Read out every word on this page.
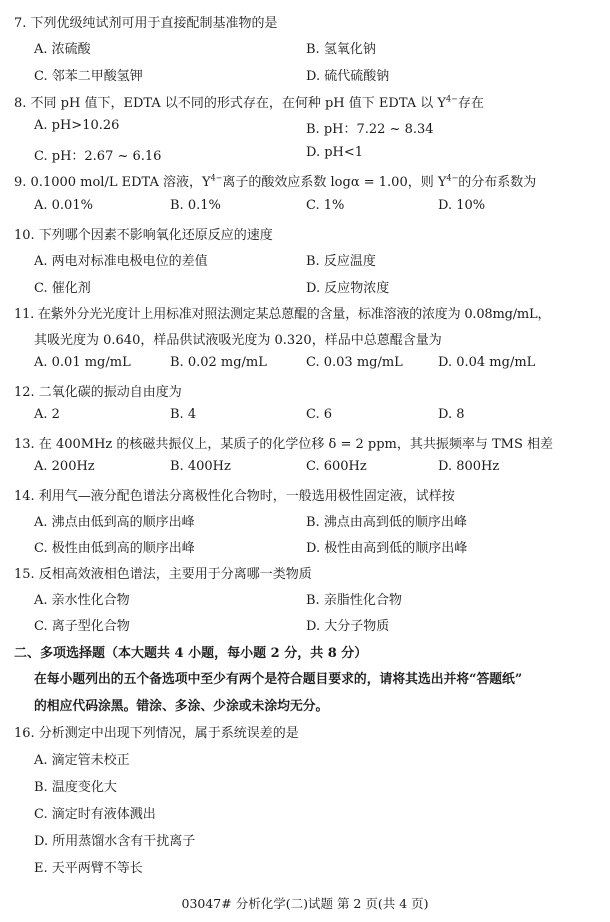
7. 下列优级纯试剂可用于直接配制基准物的是
A. 浓硫酸	B. 氢氧化钠
C. 邻苯二甲酸氢钾	D. 硫代硫酸钠
8. 不同 pH 值下，EDTA 以不同的形式存在，在何种 pH 值下 EDTA 以 $Y^{4-}$存在
A. pH>10.26	B. pH：7.22 ~ 8.34
C. pH：2.67 ~ 6.16	D. pH<1
9. 0.1000 mol/L EDTA 溶液，$Y^{4-}$离子的酸效应系数 logα = 1.00，则 $Y^{4-}$的分布系数为
A. 0.01%	B. 0.1%	C. 1%	D. 10%
10. 下列哪个因素不影响氧化还原反应的速度
A. 两电对标准电极电位的差值	B. 反应温度
C. 催化剂	D. 反应物浓度
11. 在紫外分光光度计上用标准对照法测定某总蒽醌的含量，标准溶液的浓度为 0.08mg/mL，
其吸光度为 0.640，样品供试液吸光度为 0.320，样品中总蒽醌含量为
A. 0.01 mg/mL	B. 0.02 mg/mL	C. 0.03 mg/mL	D. 0.04 mg/mL
12. 二氧化碳的振动自由度为
A. 2	B. 4	C. 6	D. 8
13. 在 400MHz 的核磁共振仪上，某质子的化学位移 δ = 2 ppm，其共振频率与 TMS 相差
A. 200Hz	B. 400Hz	C. 600Hz	D. 800Hz
14. 利用气—液分配色谱法分离极性化合物时，一般选用极性固定液，试样按
A. 沸点由低到高的顺序出峰	B. 沸点由高到低的顺序出峰
C. 极性由低到高的顺序出峰	D. 极性由高到低的顺序出峰
15. 反相高效液相色谱法，主要用于分离哪一类物质
A. 亲水性化合物	B. 亲脂性化合物
C. 离子型化合物	D. 大分子物质
二、多项选择题（本大题共 4 小题，每小题 2 分，共 8 分）
在每小题列出的五个备选项中至少有两个是符合题目要求的，请将其选出并将“答题纸”
的相应代码涂黑。错涂、多涂、少涂或未涂均无分。
16. 分析测定中出现下列情况，属于系统误差的是
A. 滴定管未校正
B. 温度变化大
C. 滴定时有液体溅出
D. 所用蒸馏水含有干扰离子
E. 天平两臂不等长
03047# 分析化学(二)试题 第 2 页(共 4 页)
